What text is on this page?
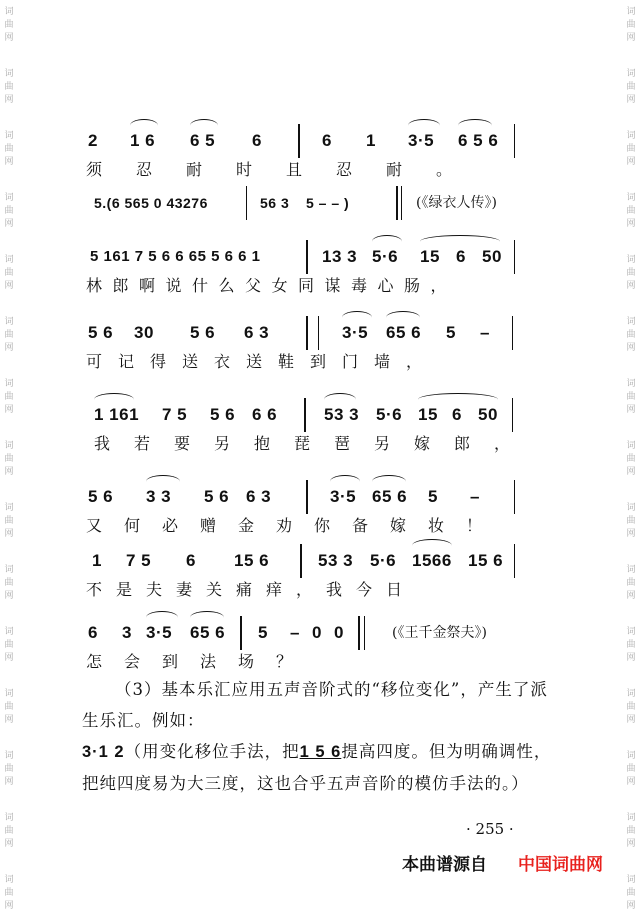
词
曲
网
词
曲
网
词
曲
网
词
曲
网
词
曲
网
词
曲
网
词
曲
网
词
曲
网
词
曲
网
词
曲
网
词
曲
网
词
曲
网
词
曲
网
词
曲
网
词
曲
网
词
曲
网
词
曲
网
词
曲
网
词
曲
网
词
曲
网
词
曲
网
词
曲
网
词
曲
网
词
曲
网
词
曲
网
词
曲
网
词
曲
网
词
曲
网
词
曲
网
词
曲
网
2 1 6 6 5 6	6 1 3·5 6 5 6
须忍耐时且忍耐。
5.(6 565 0 43276	56 3 5 – – )	(《绿衣人传》)
5 161 7 5 6 6 65 5 6 6 1	13 3 5·6 15 6 50
林郎啊说什么父女同谋毒心肠，
5 6 30 5 6 6 3	3·5 65 6 5 –
可记得送衣送鞋到门墙，
1 161 7 5 5 6 6 6	53 3 5·6 15 6 50
我若要另抱琵琶另嫁郎，
5 6 3 3 5 6 6 3	3·5 65 6 5 –
又何必赠金劝你备嫁妆！
1 7 5 6 15 6	53 3 5·6 1566 15 6
不是夫妻关痛痒，我今日
6 3 3·5 65 6 5 – 0 0	(《王千金祭夫》)
怎会到法场？

（3）基本乐汇应用五声音阶式的“移位变化”，产生了派生乐汇。例如：

3·1 2（用变化移位手法，把1 5 6提高四度。但为明确调性，把纯四度易为大三度，这也合乎五声音阶的模仿手法的。）

· 255 ·
本曲谱源自 中国词曲网
